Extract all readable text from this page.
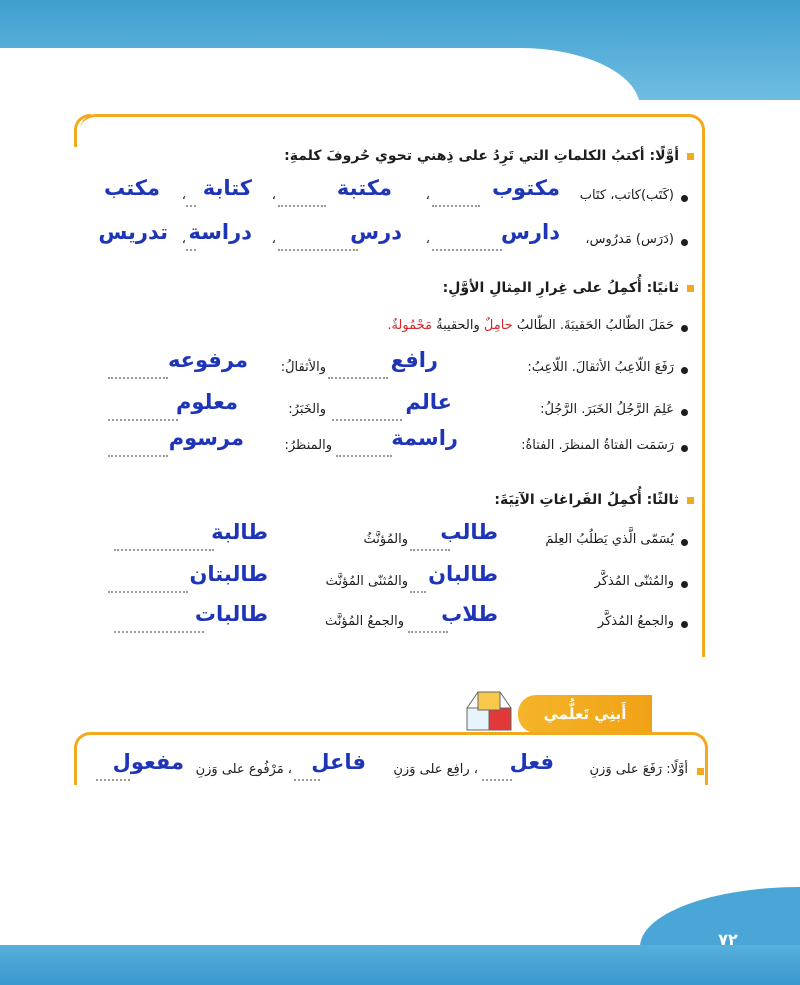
أوَّلًا: أكتبُ الكلماتِ التي تَرِدُ على ذِهني تحوي حُروفَ كلمةِ:
(كَتَب)كاتب، كتَاب
مكتوب
،
مكتبة
،
كتابة
،
مكتب
(دَرَس) مَدرُوس،
دارس
،
درس
،
دراسة
،
تدريس
ثانيًا: أُكمِلُ على غِرارِ المِثالِ الأوَّلِ:
حَمَلَ الطّالبُ الحَقيبَةَ. الطّالبُ حامِلٌ والحقيبةُ مَحْمُولةٌ.
رَفَعَ اللّاعِبُ الأثقالَ. اللّاعِبُ:
رافع
والأثقالُ:
مرفوعه
عَلِمَ الرَّجُلُ الخَبَرَ. الرَّجُلُ:
عالم
والخَبَرُ:
معلوم
رَسَمَت الفتاةُ المنظرَ. الفتاةُ:
راسمة
والمنظرُ:
مرسوم
ثالثًا: أُكمِلُ الفَراغاتِ الآتِيَةَ:
يُسَمّى الَّذي يَطلُبُ العِلمَ
طالب
والمُؤنَّثُ
طالبة
والمُثنّى المُذكَّر
طالبان
والمُثنّى المُؤنَّث
طالبتان
والجمعُ المُذكَّر
طلاب
والجمعُ المُؤنَّث
طالبات
أَبنِي تَعلُّمي الجَديد:
أوَّلًا: رَفَعَ على وَزنِ
فعل
، رافِع على وَزنِ
فاعل
، مَرْفُوع على وَزنِ
مفعول
٧٢
